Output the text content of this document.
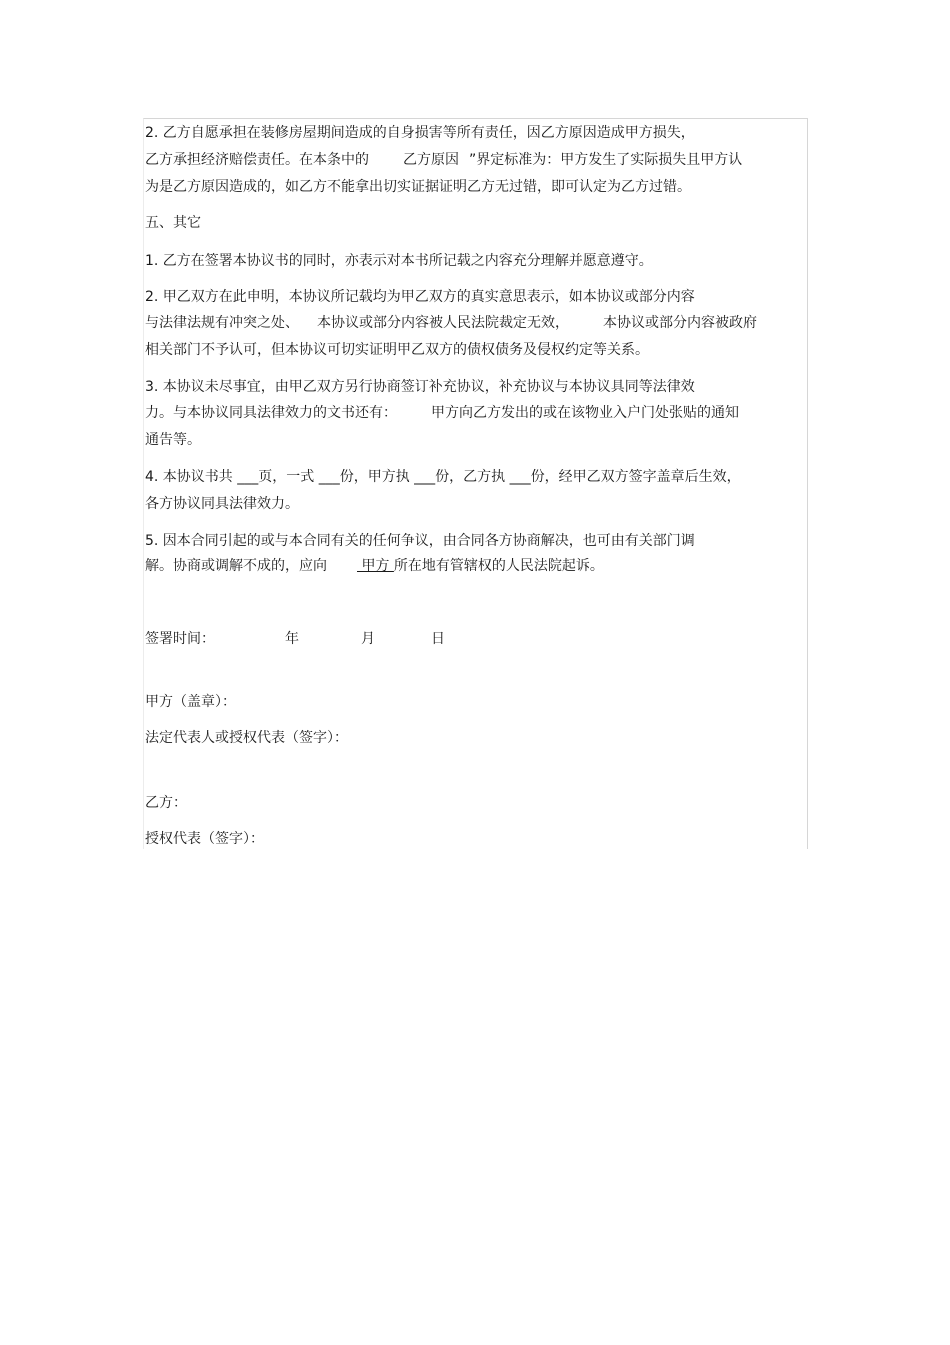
2. 乙方自愿承担在装修房屋期间造成的自身损害等所有责任，因乙方原因造成甲方损失，
乙方承担经济赔偿责任。在本条中的 乙方原因 ”界定标准为：甲方发生了实际损失且甲方认
为是乙方原因造成的，如乙方不能拿出切实证据证明乙方无过错，即可认定为乙方过错。
五、其它
1. 乙方在签署本协议书的同时，亦表示对本书所记载之内容充分理解并愿意遵守。
2. 甲乙双方在此申明，本协议所记载均为甲乙双方的真实意思表示，如本协议或部分内容
与法律法规有冲突之处、 本协议或部分内容被人民法院裁定无效， 本协议或部分内容被政府
相关部门不予认可，但本协议可切实证明甲乙双方的债权债务及侵权约定等关系。
3. 本协议未尽事宜，由甲乙双方另行协商签订补充协议，补充协议与本协议具同等法律效
力。与本协议同具法律效力的文书还有： 甲方向乙方发出的或在该物业入户门处张贴的通知
通告等。
4. 本协议书共 ___页，一式 ___份，甲方执 ___份，乙方执 ___份，经甲乙双方签字盖章后生效，
各方协议同具法律效力。
5. 因本合同引起的或与本合同有关的任何争议，由合同各方协商解决，也可由有关部门调
解。协商或调解不成的，应向 甲方 所在地有管辖权的人民法院起诉。
签署时间：	年	月	日
甲方（盖章）：
法定代表人或授权代表（签字）：
乙方：
授权代表（签字）：
